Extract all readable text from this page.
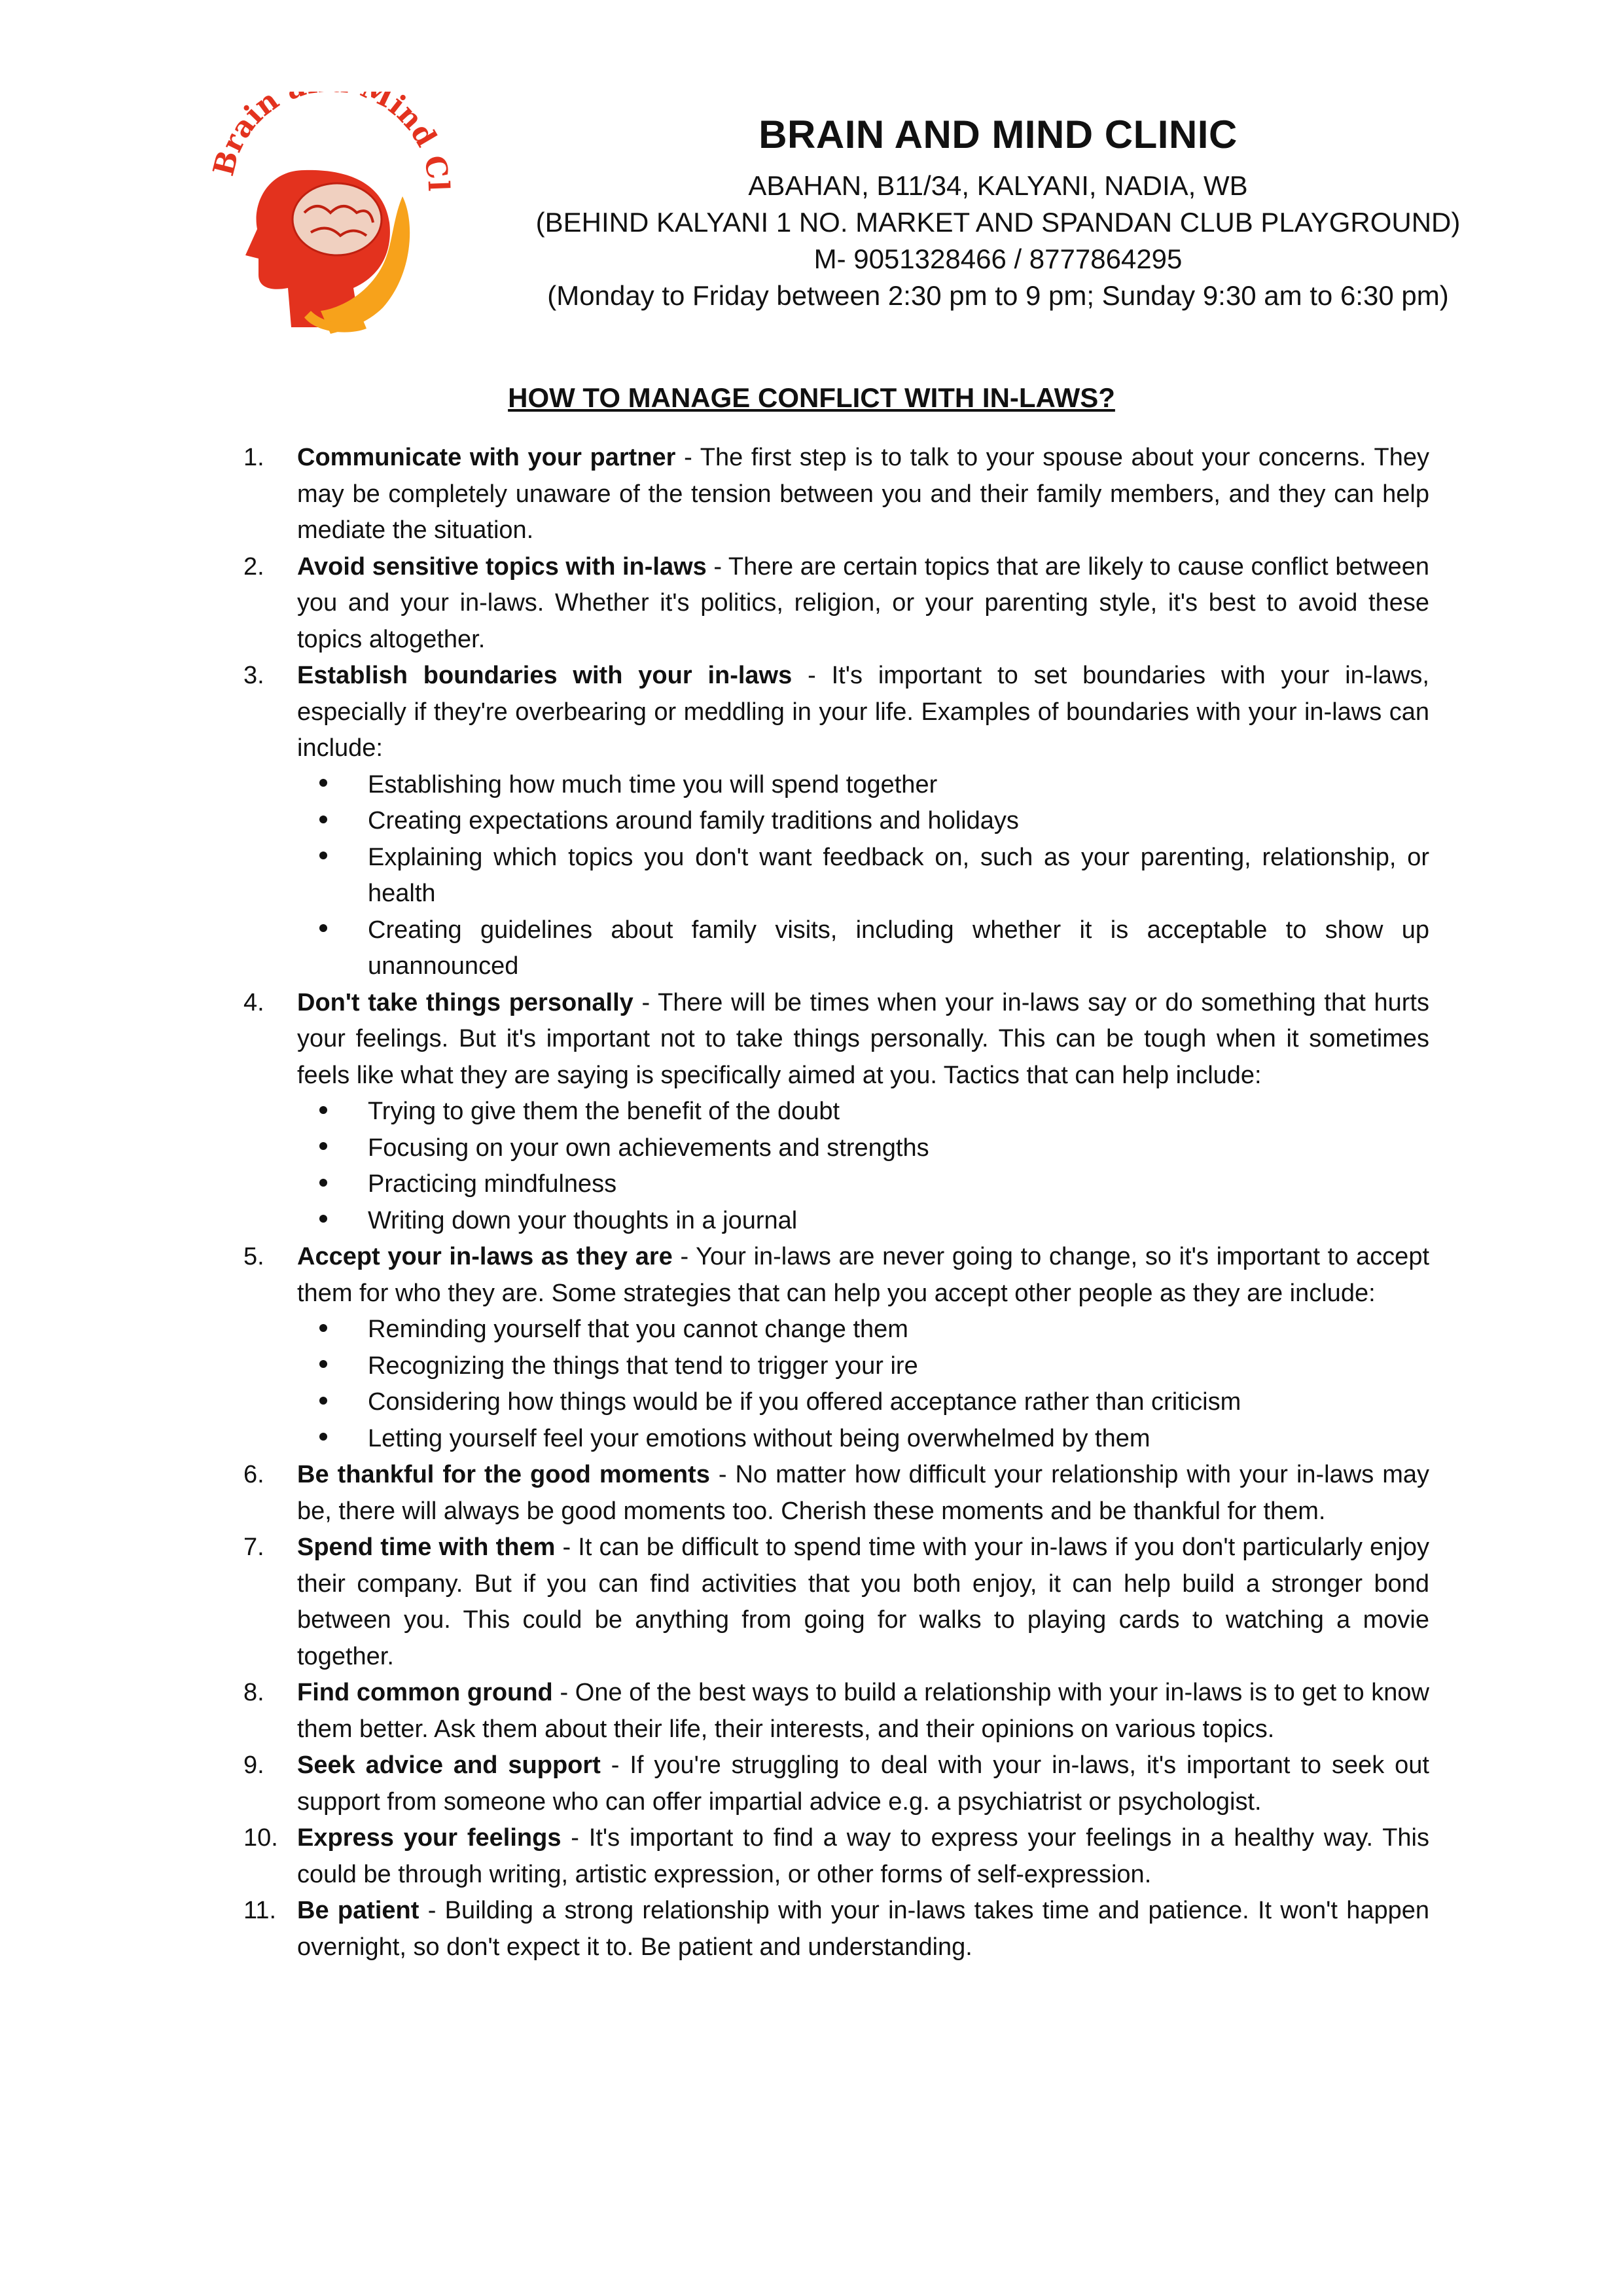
Brain Mind Cl
BRAIN AND MIND CLINIC
ABAHAN, B11/34, KALYANI, NADIA, WB
(BEHIND KALYANI 1 NO. MARKET AND SPANDAN CLUB PLAYGROUND)
M- 9051328466 / 8777864295
(Monday to Friday between 2:30 pm to 9 pm; Sunday 9:30 am to 6:30 pm)
HOW TO MANAGE CONFLICT WITH IN-LAWS?
1.	Communicate with your partner - The first step is to talk to your spouse about your concerns. They may be completely unaware of the tension between you and their family members, and they can help mediate the situation.
2.	Avoid sensitive topics with in-laws - There are certain topics that are likely to cause conflict between you and your in-laws. Whether it's politics, religion, or your parenting style, it's best to avoid these topics altogether.
3.	Establish boundaries with your in-laws - It's important to set boundaries with your in-laws, especially if they're overbearing or meddling in your life. Examples of boundaries with your in-laws can include:
Establishing how much time you will spend together
Creating expectations around family traditions and holidays
Explaining which topics you don't want feedback on, such as your parenting, relationship, or health
Creating guidelines about family visits, including whether it is acceptable to show up unannounced
4.	Don't take things personally - There will be times when your in-laws say or do something that hurts your feelings. But it's important not to take things personally. This can be tough when it sometimes feels like what they are saying is specifically aimed at you. Tactics that can help include:
Trying to give them the benefit of the doubt
Focusing on your own achievements and strengths
Practicing mindfulness
Writing down your thoughts in a journal
5.	Accept your in-laws as they are - Your in-laws are never going to change, so it's important to accept them for who they are. Some strategies that can help you accept other people as they are include:
Reminding yourself that you cannot change them
Recognizing the things that tend to trigger your ire
Considering how things would be if you offered acceptance rather than criticism
Letting yourself feel your emotions without being overwhelmed by them
6.	Be thankful for the good moments - No matter how difficult your relationship with your in-laws may be, there will always be good moments too. Cherish these moments and be thankful for them.
7.	Spend time with them - It can be difficult to spend time with your in-laws if you don't particularly enjoy their company. But if you can find activities that you both enjoy, it can help build a stronger bond between you. This could be anything from going for walks to playing cards to watching a movie together.
8.	Find common ground - One of the best ways to build a relationship with your in-laws is to get to know them better. Ask them about their life, their interests, and their opinions on various topics.
9.	Seek advice and support - If you're struggling to deal with your in-laws, it's important to seek out support from someone who can offer impartial advice e.g. a psychiatrist or psychologist.
10. Express your feelings - It's important to find a way to express your feelings in a healthy way. This could be through writing, artistic expression, or other forms of self-expression.
11. Be patient - Building a strong relationship with your in-laws takes time and patience. It won't happen overnight, so don't expect it to. Be patient and understanding.
